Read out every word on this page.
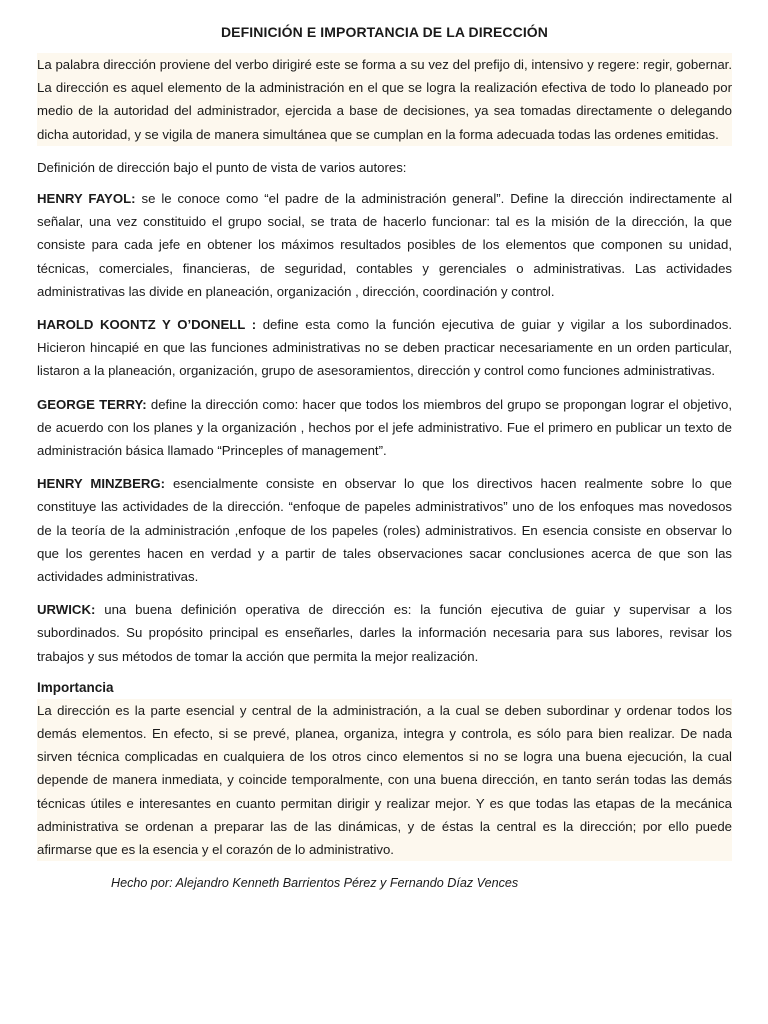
DEFINICIÓN E IMPORTANCIA DE LA DIRECCIÓN

La palabra dirección proviene del verbo dirigiré este se forma a su vez del prefijo di, intensivo y regere: regir, gobernar. La dirección es aquel elemento de la administración en el que se logra la realización efectiva de todo lo planeado por medio de la autoridad del administrador, ejercida a base de decisiones, ya sea tomadas directamente o delegando dicha autoridad, y se vigila de manera simultánea que se cumplan en la forma adecuada todas las ordenes emitidas.

Definición de dirección bajo el punto de vista de varios autores:

HENRY FAYOL: se le conoce como “el padre de la administración general”. Define la dirección indirectamente al señalar, una vez constituido el grupo social, se trata de hacerlo funcionar: tal es la misión de la dirección, la que consiste para cada jefe en obtener los máximos resultados posibles de los elementos que componen su unidad, técnicas, comerciales, financieras, de seguridad, contables y gerenciales o administrativas. Las actividades administrativas las divide en planeación, organización , dirección, coordinación y control.

HAROLD KOONTZ Y O’DONELL : define esta como la función ejecutiva de guiar y vigilar a los subordinados. Hicieron hincapié en que las funciones administrativas no se deben practicar necesariamente en un orden particular, listaron a la planeación, organización, grupo de asesoramientos, dirección y control como funciones administrativas.

GEORGE TERRY: define la dirección como: hacer que todos los miembros del grupo se propongan lograr el objetivo, de acuerdo con los planes y la organización , hechos por el jefe administrativo. Fue el primero en publicar un texto de administración básica llamado “Princeples of management”.

HENRY MINZBERG: esencialmente consiste en observar lo que los directivos hacen realmente sobre lo que constituye las actividades de la dirección. “enfoque de papeles administrativos” uno de los enfoques mas novedosos de la teoría de la administración ,enfoque de los papeles (roles) administrativos. En esencia consiste en observar lo que los gerentes hacen en verdad y a partir de tales observaciones sacar conclusiones acerca de que son las actividades administrativas.

URWICK: una buena definición operativa de dirección es: la función ejecutiva de guiar y supervisar a los subordinados. Su propósito principal es enseñarles, darles la información necesaria para sus labores, revisar los trabajos y sus métodos de tomar la acción que permita la mejor realización.

Importancia

La dirección es la parte esencial y central de la administración, a la cual se deben subordinar y ordenar todos los demás elementos. En efecto, si se prevé, planea, organiza, integra y controla, es sólo para bien realizar. De nada sirven técnica complicadas en cualquiera de los otros cinco elementos si no se logra una buena ejecución, la cual depende de manera inmediata, y coincide temporalmente, con una buena dirección, en tanto serán todas las demás técnicas útiles e interesantes en cuanto permitan dirigir y realizar mejor. Y es que todas las etapas de la mecánica administrativa se ordenan a preparar las de las dinámicas, y de éstas la central es la dirección; por ello puede afirmarse que es la esencia y el corazón de lo administrativo.

Hecho por: Alejandro Kenneth Barrientos Pérez y Fernando Díaz Vences
